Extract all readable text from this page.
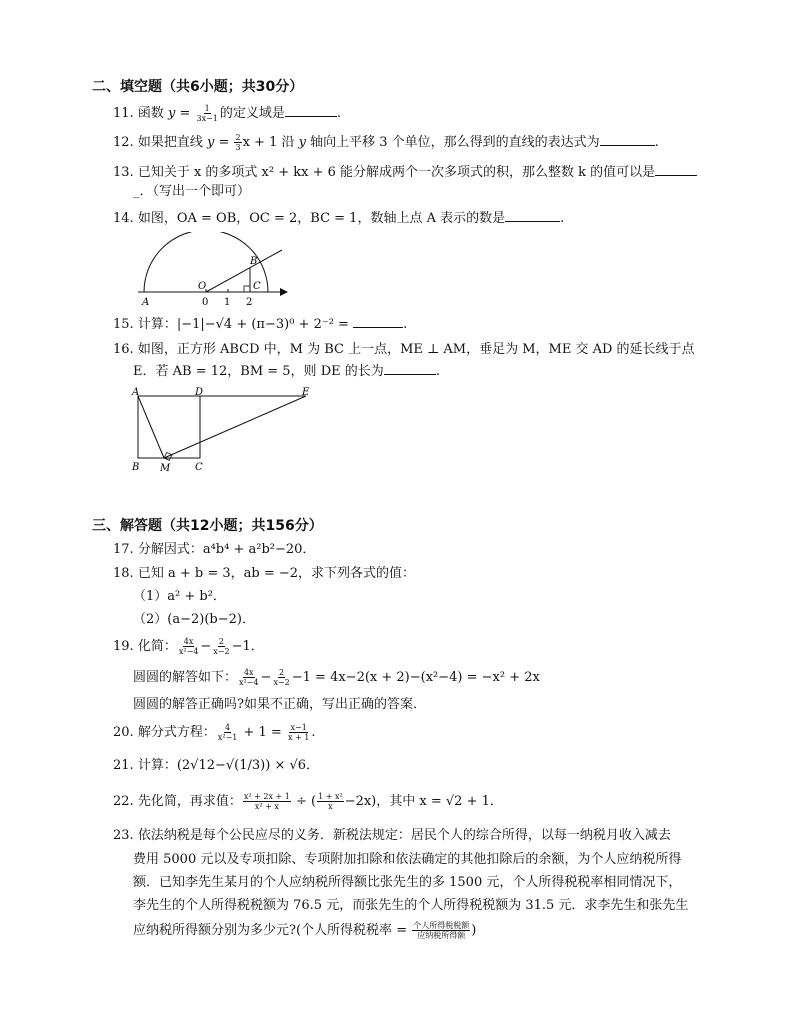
二、填空题（共6小题；共30分）
11. 函数 $y = \frac{1}{3x-1}$ 的定义域是	.
12. 如果把直线 $y = \frac{2}{3}$ x + 1 沿 y 轴向上平移 3 个单位，那么得到的直线的表达式为	.
13. 已知关于 x 的多项式 x² + kx + 6 能分解成两个一次多项式的积，那么整数 k 的值可以是
_．（写出一个即可）
14. 如图，OA = OB，OC = 2，BC = 1，数轴上点 A 表示的数是	.
A
O
B
C
0 1 2
15. 计算：|−1|−√4 + (π−3)⁰ + 2⁻² =	.
16. 如图，正方形 ABCD 中，M 为 BC 上一点，ME ⊥ AM，垂足为 M，ME 交 AD 的延长线于点
E．若 AB = 12，BM = 5，则 DE 的长为	.
A	D	E
B M C
三、解答题（共12小题；共156分）
17. 分解因式：a⁴b⁴ + a²b²−20．
18. 已知 a + b = 3，ab = −2，求下列各式的值：
（1）a² + b²．
（2）(a−2)(b−2)．
19. 化简： $\frac{4x}{\text{x²−4}} - \frac{2}{x-2} -1$．
圆圆的解答如下： $\frac{4x}{\text{x²−4}} - \frac{2}{x-2} -1 = 4x-2(x + 2)-(x^2-4) = -x^2 + 2x$
圆圆的解答正确吗?如果不正确，写出正确的答案．
20. 解分式方程： $\frac{4}{\text{x²−1}} + 1 = \frac{x-1}{x + 1}$ .
21. 计算：(2√12−√(1/3)) × √6．
22. 先化简，再求值： $\frac{\text{x² + 2x + 1}}{\text{x² + x}}$ ÷ ( $\frac{\text{1 + x²}}{x} -2x$)，其中 x = √2 + 1．
23. 依法纳税是每个公民应尽的义务．新税法规定：居民个人的综合所得，以每一纳税月收入减去
费用 5000 元以及专项扣除、专项附加扣除和依法确定的其他扣除后的余额，为个人应纳税所得
额．已知李先生某月的个人应纳税所得额比张先生的多 1500 元，个人所得税税率相同情况下，
李先生的个人所得税税额为 76.5 元，而张先生的个人所得税税额为 31.5 元．求李先生和张先生
应纳税所得额分别为多少元?(个人所得税税率 = $\frac{\text{个人所得税税额}}{\text{应纳税所得额}}$ )
